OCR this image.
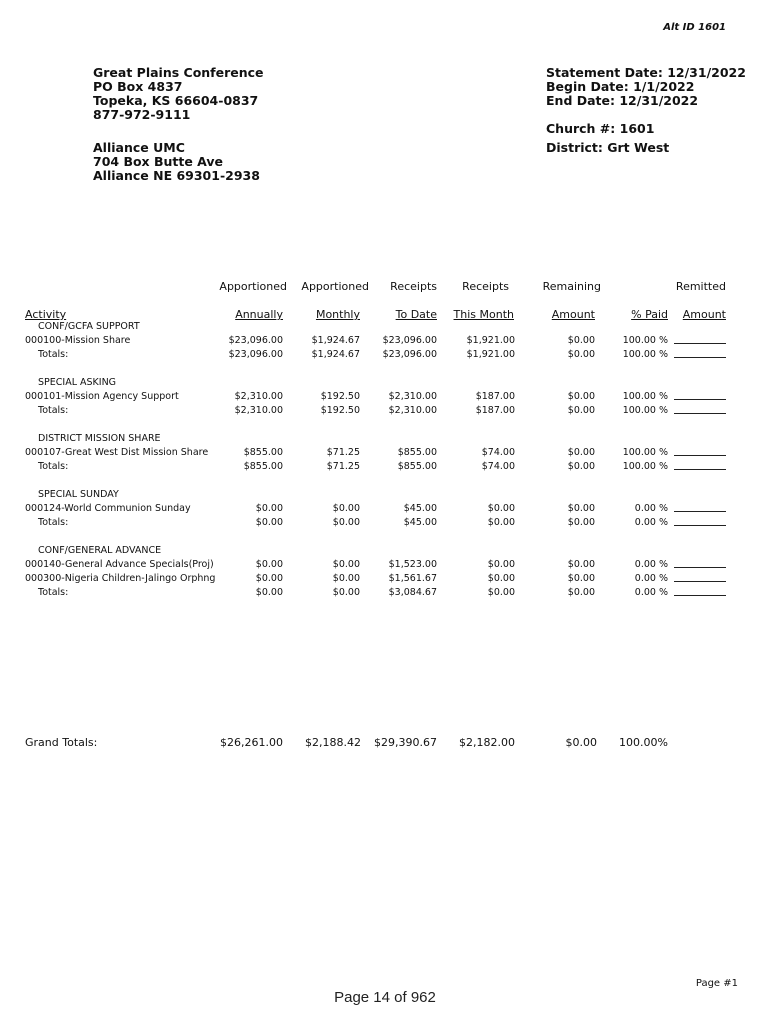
Alt ID 1601
Great Plains Conference
PO Box 4837
Topeka, KS 66604-0837
877-972-9111
Alliance UMC
704 Box Butte Ave
Alliance NE 69301-2938
Statement Date: 12/31/2022
Begin Date: 1/1/2022
End Date: 12/31/2022
Church #: 1601
District: Grt West
Apportioned Apportioned Receipts Receipts	Remaining	Remitted
Activity	Annually	Monthly	To Date This Month	Amount	% Paid Amount
CONF/GCFA SUPPORT
000100-Mission Share	$23,096.00	$1,924.67 $23,096.00	$1,921.00	$0.00	100.00 %
Totals:	$23,096.00	$1,924.67 $23,096.00	$1,921.00	$0.00	100.00 %
SPECIAL ASKING
000101-Mission Agency Support	$2,310.00	$192.50	$2,310.00	$187.00	$0.00	100.00 %
Totals:	$2,310.00	$192.50	$2,310.00	$187.00	$0.00	100.00 %
DISTRICT MISSION SHARE
000107-Great West Dist Mission Share	$855.00	$71.25	$855.00	$74.00	$0.00	100.00 %
Totals:	$855.00	$71.25	$855.00	$74.00	$0.00	100.00 %
SPECIAL SUNDAY
000124-World Communion Sunday	$0.00	$0.00	$45.00	$0.00	$0.00	0.00 %
Totals:	$0.00	$0.00	$45.00	$0.00	$0.00	0.00 %
CONF/GENERAL ADVANCE
000140-General Advance Specials(Proj)	$0.00	$0.00	$1,523.00	$0.00	$0.00	0.00 %
000300-Nigeria Children-Jalingo Orphng	$0.00	$0.00	$1,561.67	$0.00	$0.00	0.00 %
Totals:	$0.00	$0.00	$3,084.67	$0.00	$0.00	0.00 %
Grand Totals:	$26,261.00 $2,188.42 $29,390.67 $2,182.00	$0.00 100.00%
Page #1
Page 14 of 962
